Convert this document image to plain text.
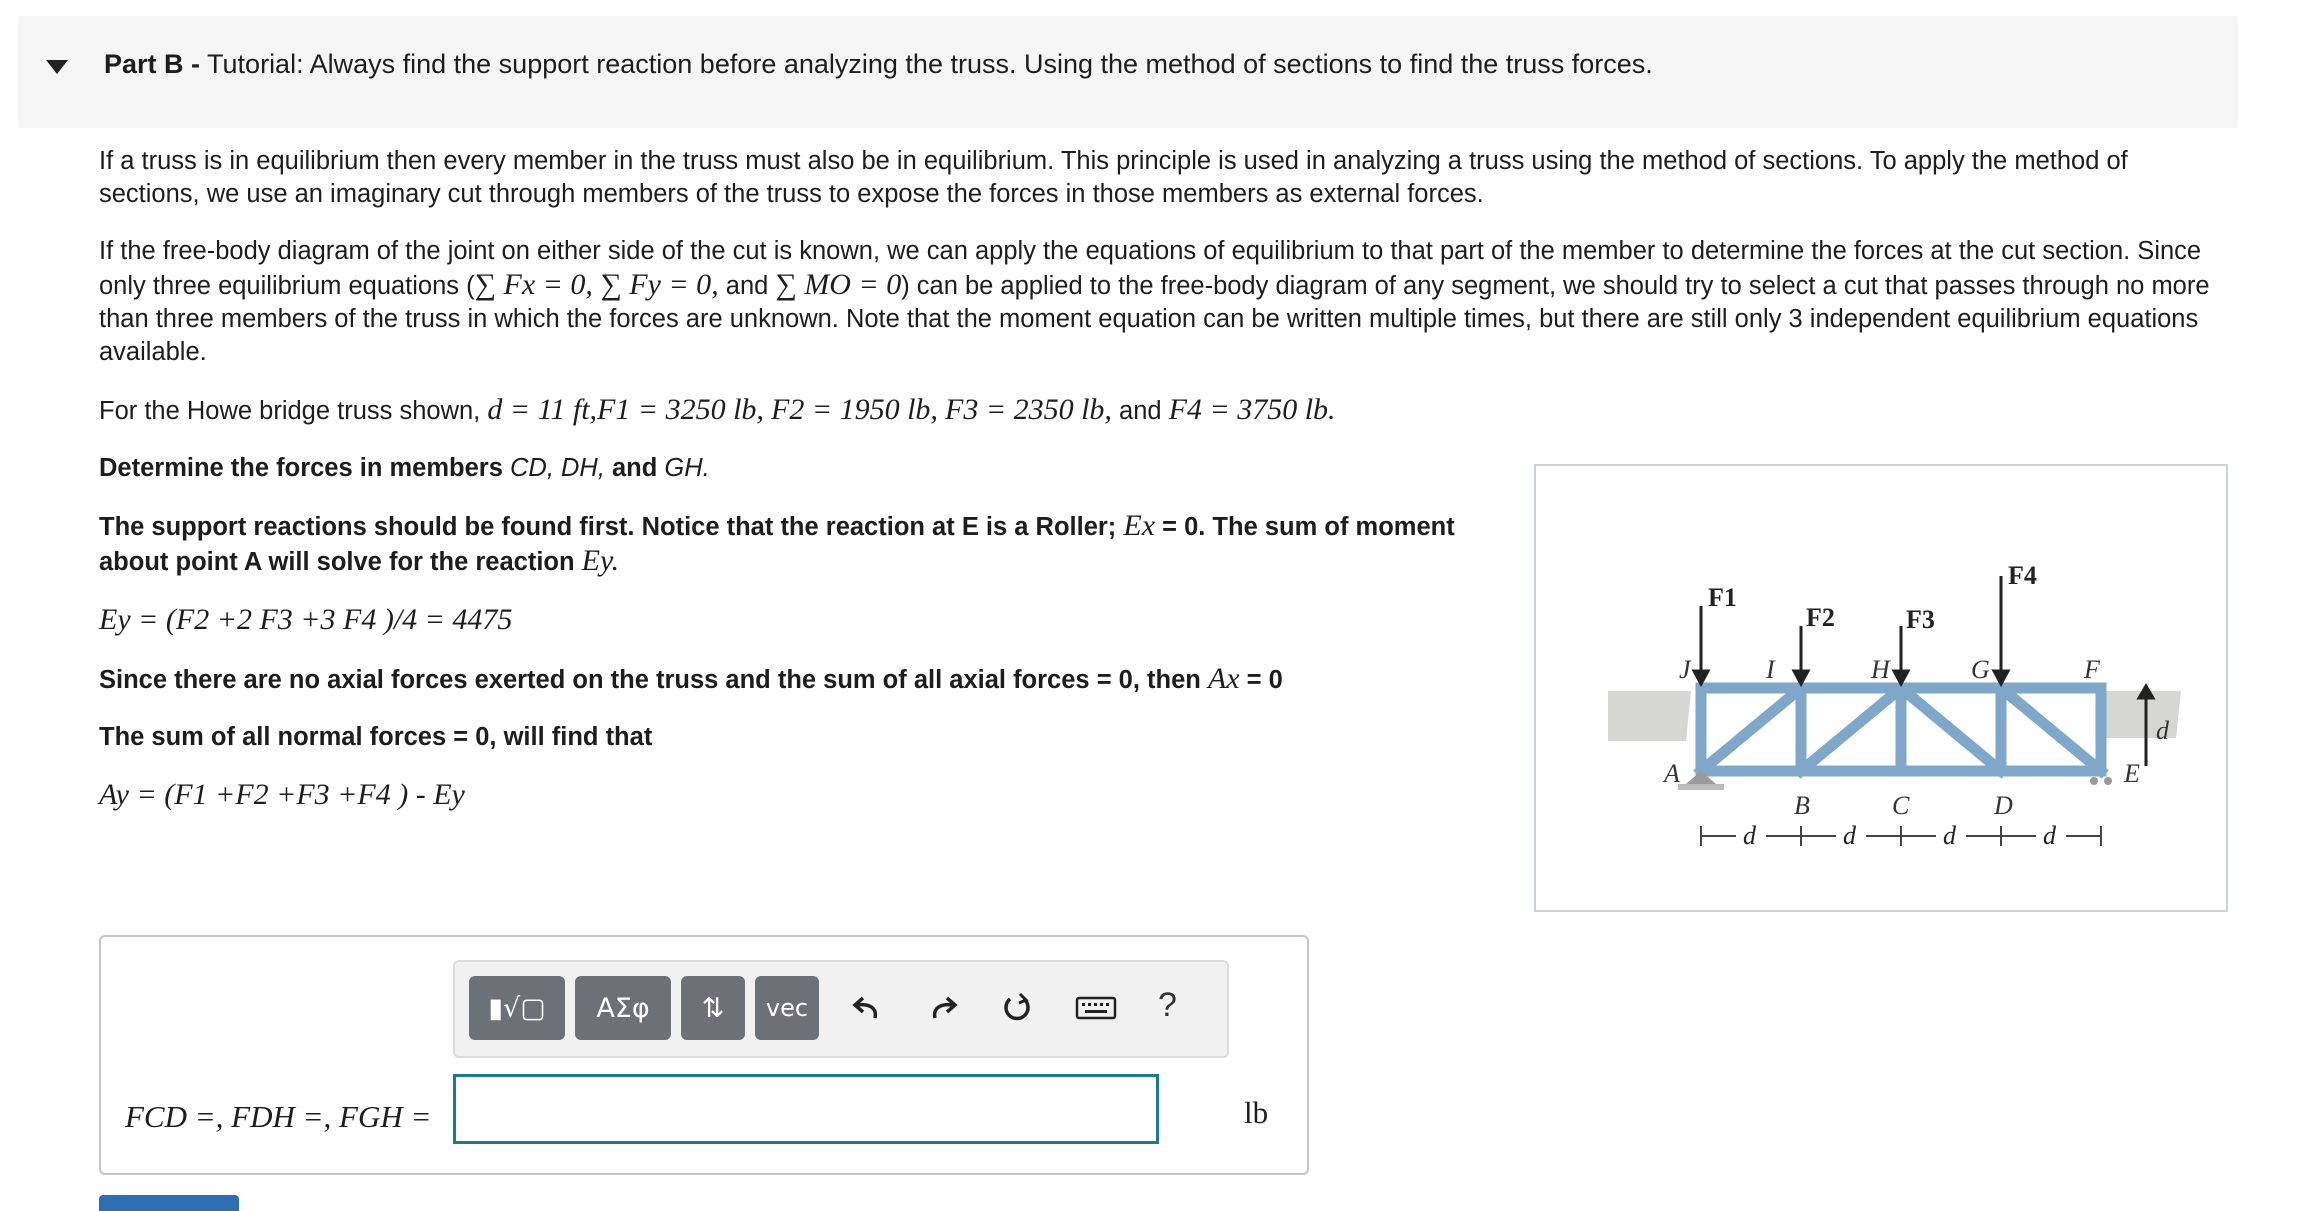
Part B - Tutorial: Always find the support reaction before analyzing the truss. Using the method of sections to find the truss forces.

If a truss is in equilibrium then every member in the truss must also be in equilibrium. This principle is used in analyzing a truss using the method of sections. To apply the method of sections, we use an imaginary cut through members of the truss to expose the forces in those members as external forces.

If the free-body diagram of the joint on either side of the cut is known, we can apply the equations of equilibrium to that part of the member to determine the forces at the cut section. Since only three equilibrium equations (∑ Fx = 0, ∑ Fy = 0, and ∑ MO = 0) can be applied to the free-body diagram of any segment, we should try to select a cut that passes through no more than three members of the truss in which the forces are unknown. Note that the moment equation can be written multiple times, but there are still only 3 independent equilibrium equations available.

For the Howe bridge truss shown, d = 11 ft,F1 = 3250 lb, F2 = 1950 lb, F3 = 2350 lb, and F4 = 3750 lb.

Determine the forces in members CD, DH, and GH.

The support reactions should be found first. Notice that the reaction at E is a Roller; Ex = 0. The sum of moment about point A will solve for the reaction Ey.

Ey = (F2 +2 F3 +3 F4 )/4 = 4475

Since there are no axial forces exerted on the truss and the sum of all axial forces = 0, then Ax = 0

The sum of all normal forces = 0, will find that

Ay = (F1 +F2 +F3 +F4 ) - Ey

F1
F2	F3
F4
J	I	H	G	F
A
B	C	D
E
d
d	d	d	d
▮√▢ ΑΣφ ⇅ vec	?
FCD =, FDH =, FGH =	lb
